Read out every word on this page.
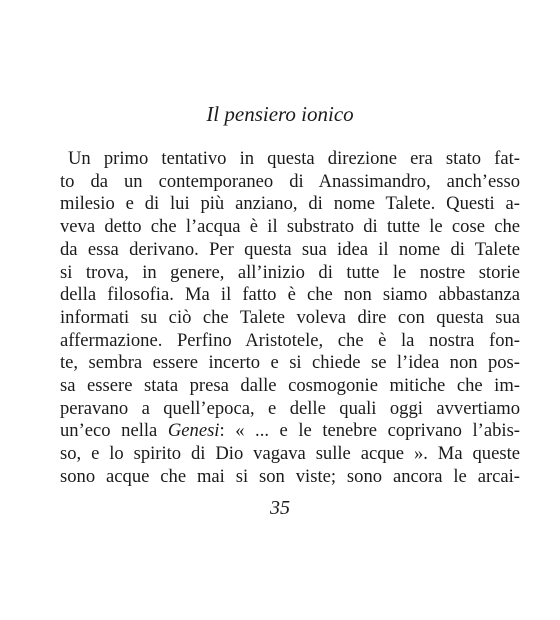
Il pensiero ionico
Un primo tentativo in questa direzione era stato fat-
to da un contemporaneo di Anassimandro, anch’esso
milesio e di lui più anziano, di nome Talete. Questi a-
veva detto che l’acqua è il substrato di tutte le cose che
da essa derivano. Per questa sua idea il nome di Talete
si trova, in genere, all’inizio di tutte le nostre storie
della filosofia. Ma il fatto è che non siamo abbastanza
informati su ciò che Talete voleva dire con questa sua
affermazione. Perfino Aristotele, che è la nostra fon-
te, sembra essere incerto e si chiede se l’idea non pos-
sa essere stata presa dalle cosmogonie mitiche che im-
peravano a quell’epoca, e delle quali oggi avvertiamo
un’eco nella Genesi: « ... e le tenebre coprivano l’abis-
so, e lo spirito di Dio vagava sulle acque ». Ma queste
sono acque che mai si son viste; sono ancora le arcai-
35
